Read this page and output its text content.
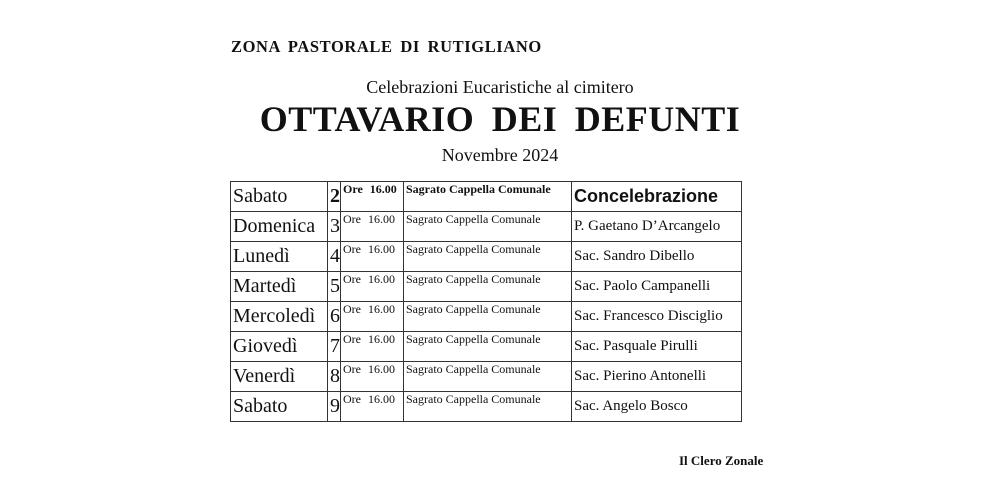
ZONA PASTORALE DI RUTIGLIANO
Celebrazioni Eucaristiche al cimitero
OTTAVARIO DEI DEFUNTI
Novembre 2024
Sabato	2	Ore 16.00	Sagrato Cappella Comunale	Concelebrazione
Domenica	3	Ore 16.00	Sagrato Cappella Comunale	P. Gaetano D’Arcangelo
Lunedì	4	Ore 16.00	Sagrato Cappella Comunale	Sac. Sandro Dibello
Martedì	5	Ore 16.00	Sagrato Cappella Comunale	Sac. Paolo Campanelli
Mercoledì	6	Ore 16.00	Sagrato Cappella Comunale	Sac. Francesco Disciglio
Giovedì	7	Ore 16.00	Sagrato Cappella Comunale	Sac. Pasquale Pirulli
Venerdì	8	Ore 16.00	Sagrato Cappella Comunale	Sac. Pierino Antonelli
Sabato	9	Ore 16.00	Sagrato Cappella Comunale	Sac. Angelo Bosco
Il Clero Zonale
